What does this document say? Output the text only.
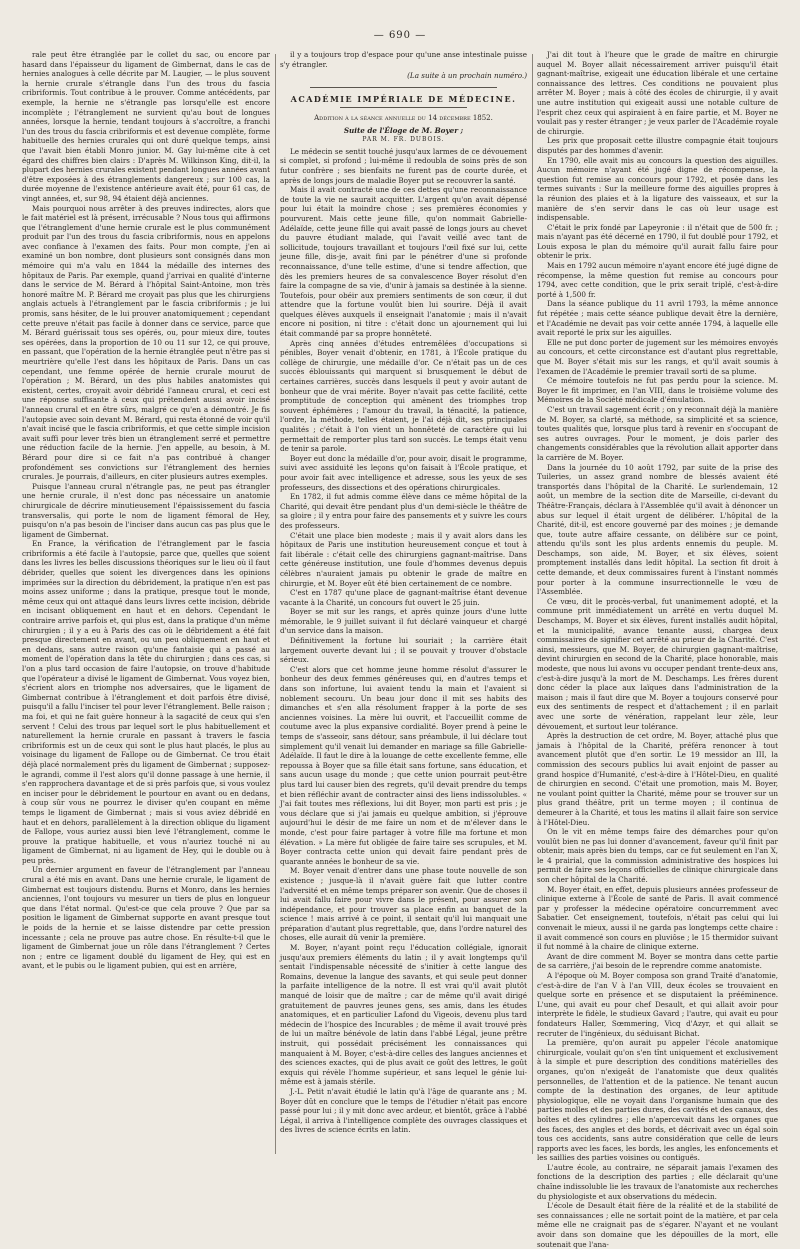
— 690 —

rale peut être étranglée par le collet du sac, ou encore par hasard dans l'épaisseur du ligament de Gimbernat, dans le cas de hernies analogues à celle décrite par M. Laugier, — le plus souvent la hernie crurale s'étrangle dans l'un des trous du fascia cribriformis. Tout contribue à le prouver. Comme antécédents, par exemple, la hernie ne s'étrangle pas lorsqu'elle est encore incomplète ; l'étranglement ne survient qu'au bout de longues années, lorsque la hernie, tendant toujours à s'accroître, a franchi l'un des trous du fascia cribriformis et est devenue complète, forme habituelle des hernies crurales qui ont duré quelque temps, ainsi que l'avait bien établi Monro junior. M. Gay lui-même cite à cet égard des chiffres bien clairs : D'après M. Wilkinson King, dit-il, la plupart des hernies crurales existent pendant longues années avant d'être exposées à des étranglements dangereux ; sur 100 cas, la durée moyenne de l'existence antérieure avait été, pour 61 cas, de vingt années, et, sur 98, 94 étaient déjà anciennes.

Mais pourquoi nous arrêter à des preuves indirectes, alors que le fait matériel est là présent, irrécusable ? Nous tous qui affirmons que l'étranglement d'une hernie crurale est le plus communément produit par l'un des trous du fascia cribriformis, nous en appelons avec confiance à l'examen des faits. Pour mon compte, j'en ai examiné un bon nombre, dont plusieurs sont consignés dans mon mémoire qui m'a valu en 1844 la médaille des internes des hôpitaux de Paris. Par exemple, quand j'arrivai en qualité d'interne dans le service de M. Bérard à l'hôpital Saint-Antoine, mon très honoré maître M. P. Bérard me croyait pas plus que les chirurgiens anglais actuels à l'étranglement par le fascia cribriformis ; je lui promis, sans hésiter, de le lui prouver anatomiquement ; cependant cette preuve n'était pas facile à donner dans ce service, parce que M. Bérard guérissait tous ses opérés, ou, pour mieux dire, toutes ses opérées, dans la proportion de 10 ou 11 sur 12, ce qui prouve, en passant, que l'opération de la hernie étranglée peut n'être pas si meurtrière qu'elle l'est dans les hôpitaux de Paris. Dans un cas cependant, une femme opérée de hernie crurale mourut de l'opération ; M. Bérard, un des plus habiles anatomistes qui existent, certes, croyait avoir débridé l'anneau crural, et ceci est une réponse suffisante à ceux qui prétendent aussi avoir incisé l'anneau crural et en être sûrs, malgré ce qu'en a démontré. Je fis l'autopsie avec soin devant M. Bérard, qui resta étonné de voir qu'il n'avait incisé que le fascia cribriformis, et que cette simple incision avait suffi pour lever très bien un étranglement serré et permettre une réduction facile de la hernie. J'en appelle, au besoin, à M. Bérard pour dire si ce fait n'a pas contribué à changer profondément ses convictions sur l'étranglement des hernies crurales. Je pourrais, d'ailleurs, en citer plusieurs autres exemples.

Puisque l'anneau crural n'étrangle pas, ne peut pas étrangler une hernie crurale, il n'est donc pas nécessaire un anatomie chirurgicale de décrire minutieusement l'épaississement du fascia transversalis, qui porte le nom de ligament fémoral de Hey, puisqu'on n'a pas besoin de l'inciser dans aucun cas pas plus que le ligament de Gimbernat.

En France, la vérification de l'étranglement par le fascia cribriformis a été facile à l'autopsie, parce que, quelles que soient dans les livres les belles discussions théoriques sur le lieu où il faut débrider, quelles que soient les divergences dans les opinions imprimées sur la direction du débridement, la pratique n'en est pas moins assez uniforme ; dans la pratique, presque tout le monde, même ceux qui ont attaqué dans leurs livres cette incision, débride en incisant obliquement en haut et en dehors. Cependant le contraire arrive parfois et, qui plus est, dans la pratique d'un même chirurgien ; il y a eu à Paris des cas où le débridement a été fait presque directement en avant, ou un peu obliquement en haut et en dedans, sans autre raison qu'une fantaisie qui a passé au moment de l'opération dans la tête du chirurgien ; dans ces cas, si l'on a plus tard occasion de faire l'autopsie, on trouve d'habitude que l'opérateur a divisé le ligament de Gimbernat. Vous voyez bien, s'écrient alors en triomphe nos adversaires, que le ligament de Gimbernat contribue à l'étranglement et doit parfois être divisé, puisqu'il a fallu l'inciser tel pour lever l'étranglement. Belle raison ; ma foi, et qui ne fait guère honneur à la sagacité de ceux qui s'en servent ! Celui des trous par lequel sort le plus habituellement et naturellement la hernie crurale en passant à travers le fascia cribriformis est un de ceux qui sont le plus haut placés, le plus au voisinage du ligament de Fallope ou de Gimbernat. Ce trou était déjà placé normalement près du ligament de Gimbernat ; supposez-le agrandi, comme il l'est alors qu'il donne passage à une hernie, il s'en rapprochera davantage et de si près parfois que, si vous voulez en inciser pour le débridement le pourtour en avant ou en dedans, à coup sûr vous ne pourrez le diviser qu'en coupant en même temps le ligament de Gimbernat ; mais si vous aviez débridé en haut et en dehors, parallèlement à la direction oblique du ligament de Fallope, vous auriez aussi bien levé l'étranglement, comme le prouve la pratique habituelle, et vous n'auriez touché ni au ligament de Gimbernat, ni au ligament de Hey, qui le double ou à peu près.

Un dernier argument en faveur de l'étranglement par l'anneau crural a été mis en avant. Dans une hernie crurale, le ligament de Gimbernat est toujours distendu. Burns et Monro, dans les hernies anciennes, l'ont toujours vu mesurer un tiers de plus en longueur que dans l'état normal. Qu'est-ce que cela prouve ? Que par sa position le ligament de Gimbernat supporte en avant presque tout le poids de la hernie et se laisse distendre par cette pression incessante ; cela ne prouve pas autre chose. En résulte-t-il que le ligament de Gimbernat joue un rôle dans l'étranglement ? Certes non ; entre ce ligament doublé du ligament de Hey, qui est en avant, et le pubis ou le ligament pubien, qui est en arrière,

il y a toujours trop d'espace pour qu'une anse intestinale puisse s'y étrangler.

(La suite à un prochain numéro.)
ACADÉMIE IMPÉRIALE DE MÉDECINE.
Addition à la séance annuelle du 14 décembre 1852.
Suite de l'Éloge de M. Boyer ;
PAR M. FR. DUBOIS.

Le médecin se sentit touché jusqu'aux larmes de ce dévouement si complet, si profond ; lui-même il redoubla de soins près de son futur confrère ; ses bienfaits ne furent pas de courte durée, et après de longs jours de maladie Boyer put se recouvrer la santé.

Mais il avait contracté une de ces dettes qu'une reconnaissance de toute la vie ne saurait acquitter. L'argent qu'on avait dépensé pour lui était la moindre chose ; ses premières économies y pourvurent. Mais cette jeune fille, qu'on nommait Gabrielle-Adélaïde, cette jeune fille qui avait passé de longs jours au chevet du pauvre étudiant malade, qui l'avait veillé avec tant de sollicitude, toujours travaillant et toujours l'œil fixé sur lui, cette jeune fille, dis-je, avait fini par le pénétrer d'une si profonde reconnaissance, d'une telle estime, d'une si tendre affection, que dès les premiers heures de sa convalescence Boyer résolut d'en faire la compagne de sa vie, d'unir à jamais sa destinée à la sienne. Toutefois, pour obéir aux premiers sentiments de son cœur, il dut attendre que la fortune voulût bien lui sourire. Déjà il avait quelques élèves auxquels il enseignait l'anatomie ; mais il n'avait encore ni position, ni titre : c'était donc un ajournement qui lui était commandé par sa propre honnêteté.

Après cinq années d'études entremêlées d'occupations si pénibles, Boyer venait d'obtenir, en 1781, à l'École pratique du collège de chirurgie, une médaille d'or. Ce n'était pas un de ces succès éblouissants qui marquent si brusquement le début de certaines carrières, succès dans lesquels il peut y avoir autant de bonheur que de vrai mérite. Boyer n'avait pas cette facilité, cette promptitude de conception qui amènent des triomphes trop souvent éphémères ; l'amour du travail, la ténacité, la patience, l'ordre, la méthode, telles étaient, je l'ai déjà dit, ses principales qualités ; c'était à l'on vient un honnêteté de caractère qui lui permettait de remporter plus tard son succès. Le temps était venu de tenir sa parole.

Boyer eut donc la médaille d'or, pour avoir, disait le programme, suivi avec assiduité les leçons qu'on faisait à l'École pratique, et pour avoir fait avec intelligence et adresse, sous les yeux de ses professeurs, des dissections et des opérations chirurgicales.

En 1782, il fut admis comme élève dans ce même hôpital de la Charité, qui devait être pendant plus d'un demi-siècle le théâtre de sa gloire ; il y entra pour faire des pansements et y suivre les cours des professeurs.

C'était une place bien modeste ; mais il y avait alors dans les hôpitaux de Paris une institution heureusement conçue et tout à fait libérale : c'était celle des chirurgiens gagnant-maîtrise. Dans cette généreuse institution, une foule d'hommes devenus depuis célèbres n'auraient jamais pu obtenir le grade de maître en chirurgie, et M. Boyer eût été bien certainement de ce nombre.

C'est en 1787 qu'une place de gagnant-maîtrise étant devenue vacante à la Charité, un concours fut ouvert le 25 juin.

Boyer se mit sur les rangs, et après quinze jours d'une lutte mémorable, le 9 juillet suivant il fut déclaré vainqueur et chargé d'un service dans la maison.

Définitivement la fortune lui souriait ; la carrière était largement ouverte devant lui ; il se pouvait y trouver d'obstacle sérieux.

C'est alors que cet homme jeune homme résolut d'assurer le bonheur des deux femmes généreuses qui, en d'autres temps et dans son infortune, lui avaient tendu la main et l'avaient si noblement secouru. Un beau jour donc il mit ses habits des dimanches et s'en alla résolument frapper à la porte de ses anciennes voisines. La mère lui ouvrit, et l'accueillit comme de coutume avec la plus expansive cordialité. Boyer prend à peine le temps de s'asseoir, sans détour, sans préambule, il lui déclare tout simplement qu'il venait lui demander en mariage sa fille Gabrielle-Adélaïde. Il faut le dire à la louange de cette excellente femme, elle repoussa à Boyer que sa fille était sans fortune, sans éducation, et sans aucun usage du monde ; que cette union pourrait peut-être plus tard lui causer bien des regrets, qu'il devait prendre du temps et bien réfléchir avant de contracter ainsi des liens indissolubles. « J'ai fait toutes mes réflexions, lui dit Boyer, mon parti est pris ; je vous déclare que si j'ai jamais eu quelque ambition, si j'éprouve aujourd'hui le désir de me faire un nom et de m'élever dans le monde, c'est pour faire partager à votre fille ma fortune et mon élévation. » La mère fut obligée de faire taire ses scrupules, et M. Boyer contracta cette union qui devait faire pendant près de quarante années le bonheur de sa vie.

M. Boyer venait d'entrer dans une phase toute nouvelle de son existence ; jusque-là il n'avait guère fait que lutter contre l'adversité et en même temps préparer son avenir. Que de choses il lui avait fallu faire pour vivre dans le présent, pour assurer son indépendance, et pour trouver sa place enfin au banquet de la science ! mais arrivé à ce point, il sentait qu'il lui manquait une préparation d'autant plus regrettable, que, dans l'ordre naturel des choses, elle aurait dû venir la première.

M. Boyer, n'ayant point reçu l'éducation collégiale, ignorait jusqu'aux premiers éléments du latin ; il y avait longtemps qu'il sentait l'indispensable nécessité de s'initier à cette langue des Romains, devenue la langue des savants, et qui seule peut donner la parfaite intelligence de la notre. Il est vrai qu'il avait plutôt manqué de loisir que de maître ; car de même qu'il avait dirigé gratuitement de pauvres jeunes gens, ses amis, dans les études anatomiques, et en particulier Lafond du Vigeois, devenu plus tard médecin de l'hospice des Incurables ; de même il avait trouvé près de lui un maître bénévole de latin dans l'abbé Légal, jeune prêtre instruit, qui possédait précisément les connaissances qui manquaient à M. Boyer, c'est-à-dire celles des langues anciennes et des sciences exactes, qui de plus avait ce goût des lettres, le goût exquis qui révèle l'homme supérieur, et sans lequel le génie lui-même est à jamais stérile.

J.-L. Petit n'avait étudié le latin qu'à l'âge de quarante ans ; M. Boyer dût en conclure que le temps de l'étudier n'était pas encore passé pour lui ; il y mit donc avec ardeur, et bientôt, grâce à l'abbé Légal, il arriva à l'intelligence complète des ouvrages classiques et des livres de science écrits en latin.

J'ai dit tout à l'heure que le grade de maître en chirurgie auquel M. Boyer allait nécessairement arriver puisqu'il était gagnant-maîtrise, exigeait une éducation libérale et une certaine connaissance des lettres. Ces conditions ne pouvaient plus arrêter M. Boyer ; mais à côté des écoles de chirurgie, il y avait une autre institution qui exigeait aussi une notable culture de l'esprit chez ceux qui aspiraient à en faire partie, et M. Boyer ne voulait pas y rester étranger ; je veux parler de l'Académie royale de chirurgie.

Les prix que proposait cette illustre compagnie était toujours disputés par des hommes d'avenir.

En 1790, elle avait mis au concours la question des aiguilles. Aucun mémoire n'ayant été jugé digne de récompense, la question fut remise au concours pour 1792, et posée dans les termes suivants : Sur la meilleure forme des aiguilles propres à la réunion des plaies et à la ligature des vaisseaux, et sur la manière de s'en servir dans le cas où leur usage est indispensable.

C'était le prix fondé par Lapeyronie : il n'était que de 500 fr. ; mais n'ayant pas été décerné en 1790, il fut doublé pour 1792, et Louis exposa le plan du mémoire qu'il aurait fallu faire pour obtenir le prix.

Mais en 1792 aucun mémoire n'ayant encore été jugé digne de récompense, la même question fut remise au concours pour 1794, avec cette condition, que le prix serait triplé, c'est-à-dire porté à 1,500 fr.

Dans la séance publique du 11 avril 1793, la même annonce fut répétée ; mais cette séance publique devait être la dernière, et l'Académie ne devait pas voir cette année 1794, à laquelle elle avait reporté le prix sur les aiguilles.

Elle ne put donc porter de jugement sur les mémoires envoyés au concours, et cette circonstance est d'autant plus regrettable, que M. Boyer s'était mis sur les rangs, et qu'il avait soumis à l'examen de l'Académie le premier travail sorti de sa plume.

Ce mémoire toutefois ne fut pas perdu pour la science. M. Boyer le fit imprimer, en l'an VIII, dans le troisième volume des Mémoires de la Société médicale d'émulation.

C'est un travail sagement écrit ; on y reconnaît déjà la manière de M. Boyer, sa clarté, sa méthode, sa simplicité et sa science, toutes qualités que, lorsque plus tard à revenir en s'occupant de ses autres ouvrages. Pour le moment, je dois parler des changements considérables que la révolution allait apporter dans la carrière de M. Boyer.

Dans la journée du 10 août 1792, par suite de la prise des Tuileries, un assez grand nombre de blessés avaient été transportés dans l'hôpital de la Charité. Le surlendemain, 12 août, un membre de la section dite de Marseille, ci-devant du Théâtre-Français, déclara à l'Assemblée qu'il avait à dénoncer un abus sur lequel il était urgent de délibérer. L'hôpital de la Charité, dit-il, est encore gouverné par des moines ; je demande que, toute autre affaire cessante, on délibère sur ce point, attendu qu'ils sont les plus ardents ennemis du peuple. M. Deschamps, son aide, M. Boyer, et six élèves, soient promptement installés dans ledit hôpital. La section fit droit à cette demande, et deux commissaires furent à l'instant nommés pour porter à la commune insurrectionnelle le vœu de l'Assemblée.

Ce vœu, dit le procès-verbal, fut unanimement adopté, et la commune prit immédiatement un arrêté en vertu duquel M. Deschamps, M. Boyer et six élèves, furent installés audit hôpital, et la municipalité, avance tenante aussi, chargea deux commissaires de signifier cet arrêté au prieur de la Charité. C'est ainsi, messieurs, que M. Boyer, de chirurgien gagnant-maîtrise, devint chirurgien en second de la Charité, place honorable, mais modeste, que nous lui avons vu occuper pendant trente-deux ans, c'est-à-dire jusqu'à la mort de M. Deschamps. Les frères durent donc céder la place aux laïques dans l'administration de la maison ; mais il faut dire que M. Boyer a toujours conservé pour eux des sentiments de respect et d'attachement ; il en parlait avec une sorte de vénération, rappelant leur zèle, leur dévouement, et surtout leur tolérance.

Après la destruction de cet ordre, M. Boyer, attaché plus que jamais à l'hôpital de la Charité, préféra renoncer à tout avancement plutôt que d'en sortir. Le 19 messidor an III, la commission des secours publics lui avait enjoint de passer au grand hospice d'Humanité, c'est-à-dire à l'Hôtel-Dieu, en qualité de chirurgien en second. C'était une promotion, mais M. Boyer, ne voulant point quitter la Charité, même pour se trouver sur un plus grand théâtre, prit un terme moyen ; il continua de demeurer à la Charité, et tous les matins il allait faire son service à l'Hôtel-Dieu.

On le vit en même temps faire des démarches pour qu'on voulût bien ne pas lui donner d'avancement, faveur qu'il finit par obtenir, mais après bien du temps, car ce fut seulement en l'an X, le 4 prairial, que la commission administrative des hospices lui permit de faire ses leçons officielles de clinique chirurgicale dans son cher hôpital de la Charité.

M. Boyer était, en effet, depuis plusieurs années professeur de clinique externe à l'École de santé de Paris. Il avait commencé par y professer la médecine opératoire concurremment avec Sabatier. Cet enseignement, toutefois, n'était pas celui qui lui convenait le mieux, aussi il ne garda pas longtemps cette chaire : il avait commencé son cours en pluviôse ; le 15 thermidor suivant il fut nommé à la chaire de clinique externe.

Avant de dire comment M. Boyer se montra dans cette partie de sa carrière, j'ai besoin de le reprendre comme anatomiste.

A l'époque où M. Boyer composa son grand Traité d'anatomie, c'est-à-dire de l'an V à l'an VIII, deux écoles se trouvaient en quelque sorte en présence et se disputaient la prééminence. L'une, qui avait eu pour chef Desault, et qui allait avoir pour interprète le fidèle, le studieux Gavard ; l'autre, qui avait eu pour fondateurs Haller, Sœmmering, Vicq d'Azyr, et qui allait se recruter de l'ingénieux, du séduisant Bichat.

La première, qu'on aurait pu appeler l'école anatomique chirurgicale, voulait qu'on s'en tînt uniquement et exclusivement à la simple et pure description des conditions matérielles des organes, qu'on n'exigeât de l'anatomiste que deux qualités personnelles, de l'attention et de la patience. Ne tenant aucun compte de la destination des organes, de leur aptitude physiologique, elle ne voyait dans l'organisme humain que des parties molles et des parties dures, des cavités et des canaux, des boîtes et des cylindres ; elle n'apercevait dans les organes que des faces, des angles et des bords, et décrivait avec un égal soin tous ces accidents, sans autre considération que celle de leurs rapports avec les faces, les bords, les angles, les enfoncements et les saillies des parties voisines ou contiguës.

L'autre école, au contraire, ne séparait jamais l'examen des fonctions de la description des parties ; elle déclarait qu'une chaîne indissoluble lie les travaux de l'anatomiste aux recherches du physiologiste et aux observations du médecin.

L'école de Desault était fière de la réalité et de la stabilité de ses connaissances ; elle ne sortait point de la matière, et par cela même elle ne craignait pas de s'égarer. N'ayant et ne voulant avoir dans son domaine que les dépouilles de la mort, elle soutenait que l'ana-
